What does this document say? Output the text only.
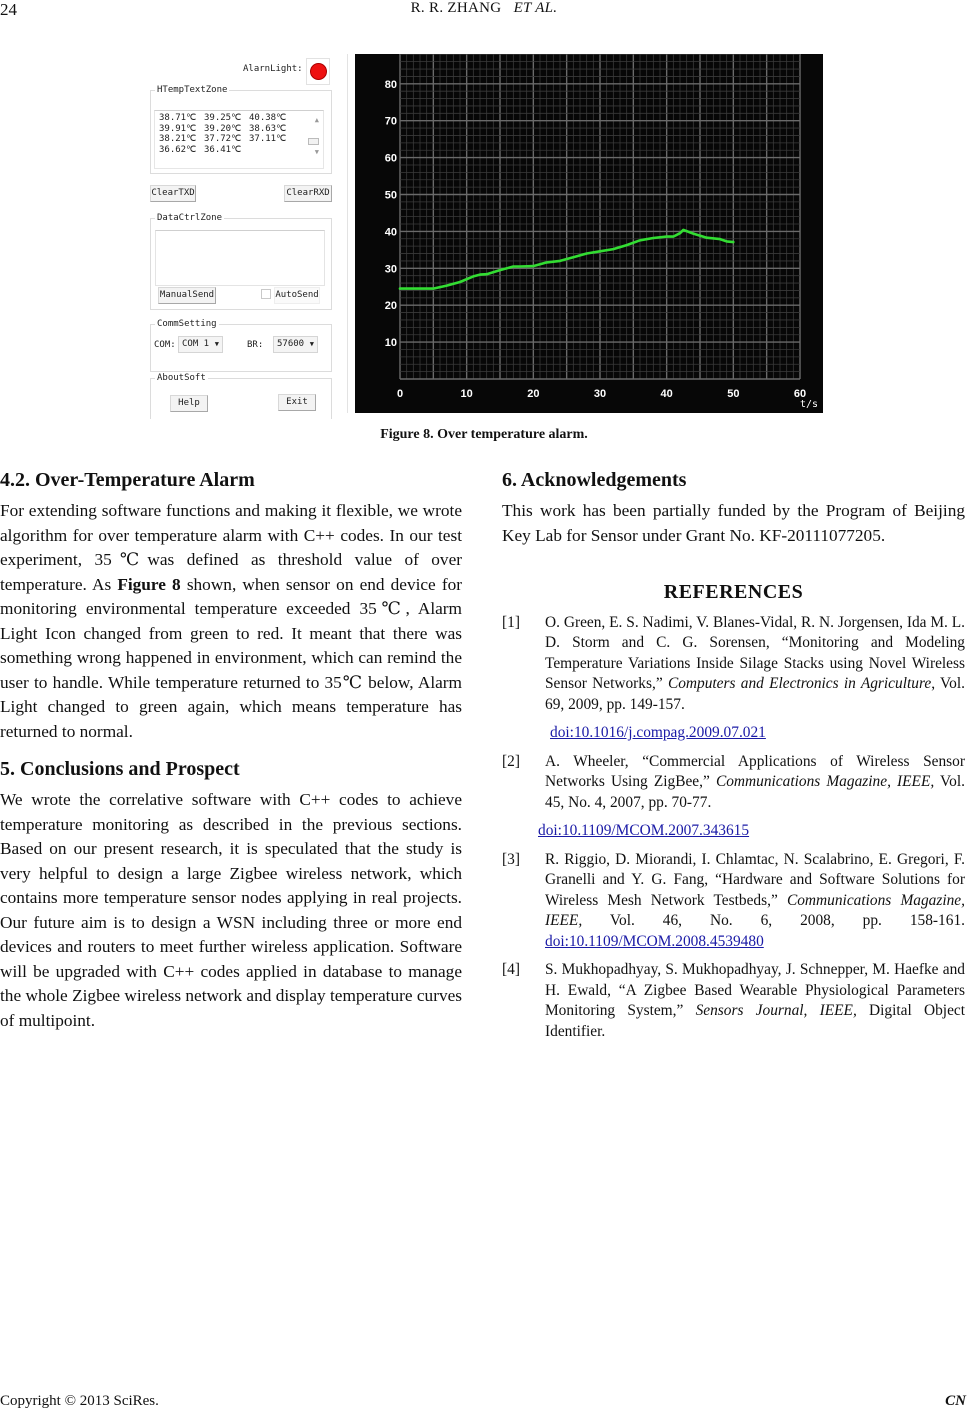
24	R. R. ZHANG ET AL.
AlarnLight:
HTempTextZone
38.71℃ 39.25℃ 40.38℃
39.91℃ 39.20℃ 38.63℃
38.21℃ 37.72℃ 37.11℃
36.62℃ 36.41℃
▲
▼
ClearTXD	ClearRXD
DataCtrlZone
ManualSend	AutoSend
CommSetting
COM: COM 1 ▼	BR:	57600 ▼
AboutSoft
Help	Exit
10
20
30
40
50
60
70
80
0	10	20	30	40	50	60
t/s
Figure 8. Over temperature alarm.
4.2. Over-Temperature Alarm

For extending software functions and making it flexible, we wrote algorithm for over temperature alarm with C++ codes. In our test experiment, 35℃was defined as threshold value of over temperature. As Figure 8 shown, when sensor on end device for monitoring environmental temperature exceeded 35℃, Alarm Light Icon changed from green to red. It meant that there was something wrong happened in environment, which can remind the user to handle. While temperature returned to 35℃ below, Alarm Light changed to green again, which means temperature has returned to normal.

5. Conclusions and Prospect

We wrote the correlative software with C++ codes to achieve temperature monitoring as described in the previous sections. Based on our present research, it is speculated that the study is very helpful to design a large Zigbee wireless network, which contains more temperature sensor nodes applying in real projects. Our future aim is to design a WSN including three or more end devices and routers to meet further wireless application. Software will be upgraded with C++ codes applied in database to manage the whole Zigbee wireless network and display temperature curves of multipoint.

6. Acknowledgements

This work has been partially funded by the Program of Beijing Key Lab for Sensor under Grant No. KF-20111077205.

REFERENCES
[1] O. Green, E. S. Nadimi, V. Blanes-Vidal, R. N. Jorgensen, Ida M. L. D. Storm and C. G. Sorensen, “Monitoring and Modeling Temperature Variations Inside Silage Stacks using Novel Wireless Sensor Networks,” Computers and Electronics in Agriculture, Vol. 69, 2009, pp. 149-157.
doi:10.1016/j.compag.2009.07.021
[2] A. Wheeler, “Commercial Applications of Wireless Sensor Networks Using ZigBee,” Communications Magazine, IEEE, Vol. 45, No. 4, 2007, pp. 70-77.
doi:10.1109/MCOM.2007.343615
[3] R. Riggio, D. Miorandi, I. Chlamtac, N. Scalabrino, E. Gregori, F. Granelli and Y. G. Fang, “Hardware and Software Solutions for Wireless Mesh Network Testbeds,” Communications Magazine, IEEE, Vol. 46, No. 6, 2008, pp. 158-161. doi:10.1109/MCOM.2008.4539480
[4] S. Mukhopadhyay, S. Mukhopadhyay, J. Schnepper, M. Haefke and H. Ewald, “A Zigbee Based Wearable Physiological Parameters Monitoring System,” Sensors Journal, IEEE, Digital Object Identifier.
Copyright © 2013 SciRes.	CN
